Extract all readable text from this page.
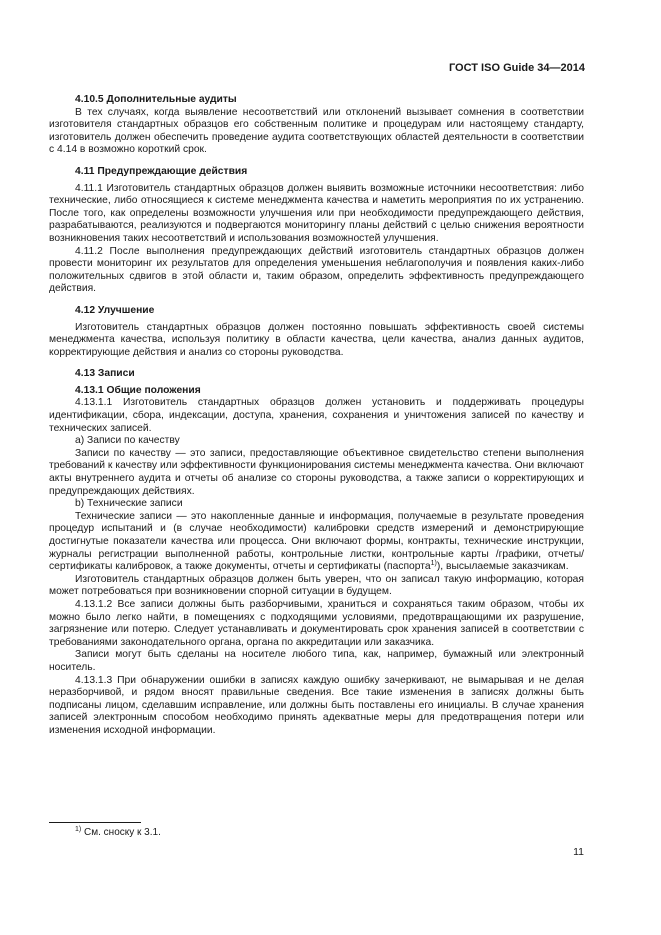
ГОСТ ISO Guide 34—2014

4.10.5 Дополнительные аудиты

В тех случаях, когда выявление несоответствий или отклонений вызывает сомнения в соответствии изготовителя стандартных образцов его собственным политике и процедурам или настоящему стандарту, изготовитель должен обеспечить проведение аудита соответствующих областей деятельности в соответствии с 4.14 в возможно короткий срок.

4.11 Предупреждающие действия

4.11.1 Изготовитель стандартных образцов должен выявить возможные источники несоответствия: либо технические, либо относящиеся к системе менеджмента качества и наметить мероприятия по их устранению. После того, как определены возможности улучшения или при необходимости предупреждающего действия, разрабатываются, реализуются и подвергаются мониторингу планы действий с целью снижения вероятности возникновения таких несоответствий и использования возможностей улучшения.

4.11.2 После выполнения предупреждающих действий изготовитель стандартных образцов должен провести мониторинг их результатов для определения уменьшения неблагополучия и появления каких-либо положительных сдвигов в этой области и, таким образом, определить эффективность предупреждающего действия.

4.12 Улучшение

Изготовитель стандартных образцов должен постоянно повышать эффективность своей системы менеджмента качества, используя политику в области качества, цели качества, анализ данных аудитов, корректирующие действия и анализ со стороны руководства.

4.13 Записи

4.13.1 Общие положения

4.13.1.1 Изготовитель стандартных образцов должен установить и поддерживать процедуры идентификации, сбора, индексации, доступа, хранения, сохранения и уничтожения записей по качеству и технических записей.

а) Записи по качеству

Записи по качеству — это записи, предоставляющие объективное свидетельство степени выполнения требований к качеству или эффективности функционирования системы менеджмента качества. Они включают акты внутреннего аудита и отчеты об анализе со стороны руководства, а также записи о корректирующих и предупреждающих действиях.

b) Технические записи

Технические записи — это накопленные данные и информация, получаемые в результате проведения процедур испытаний и (в случае необходимости) калибровки средств измерений и демонстрирующие достигнутые показатели качества или процесса. Они включают формы, контракты, технические инструкции, журналы регистрации выполненной работы, контрольные листки, контрольные карты /графики, отчеты/сертификаты калибровок, а также документы, отчеты и сертификаты (паспорта$^{1)}$), высылаемые заказчикам.

Изготовитель стандартных образцов должен быть уверен, что он записал такую информацию, которая может потребоваться при возникновении спорной ситуации в будущем.

4.13.1.2 Все записи должны быть разборчивыми, храниться и сохраняться таким образом, чтобы их можно было легко найти, в помещениях с подходящими условиями, предотвращающими их разрушение, загрязнение или потерю. Следует устанавливать и документировать срок хранения записей в соответствии с требованиями законодательного органа, органа по аккредитации или заказчика.

Записи могут быть сделаны на носителе любого типа, как, например, бумажный или электронный носитель.

4.13.1.3 При обнаружении ошибки в записях каждую ошибку зачеркивают, не вымарывая и не делая неразборчивой, и рядом вносят правильные сведения. Все такие изменения в записях должны быть подписаны лицом, сделавшим исправление, или должны быть поставлены его инициалы. В случае хранения записей электронным способом необходимо принять адекватные меры для предотвращения потери или изменения исходной информации.

$^{1)}$ См. сноску к 3.1.
11
